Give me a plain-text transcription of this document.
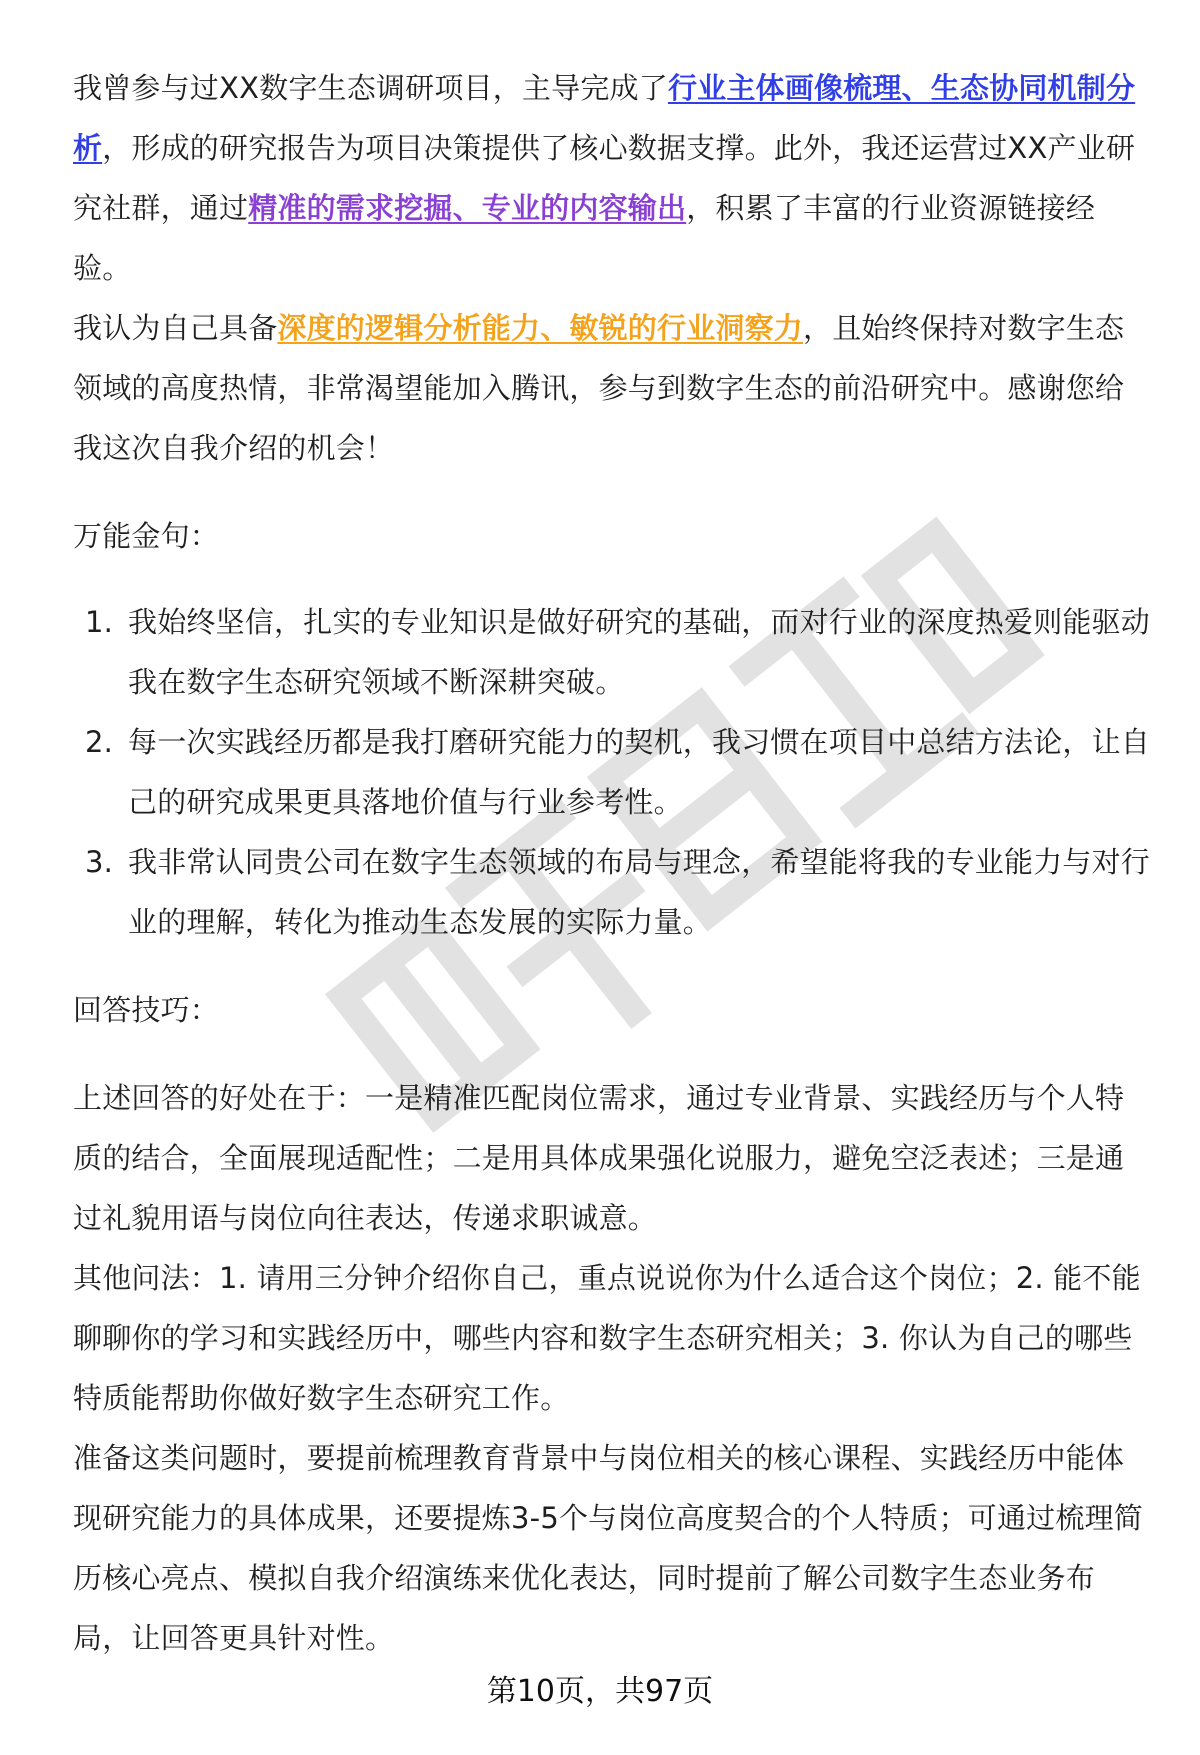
我曾参与过XX数字生态调研项目，主导完成了行业主体画像梳理、生态协同机制分析，形成的研究报告为项目决策提供了核心数据支撑。此外，我还运营过XX产业研究社群，通过精准的需求挖掘、专业的内容输出，积累了丰富的行业资源链接经验。

我认为自己具备深度的逻辑分析能力、敏锐的行业洞察力，且始终保持对数字生态领域的高度热情，非常渴望能加入腾讯，参与到数字生态的前沿研究中。感谢您给我这次自我介绍的机会！

万能金句：

1. 我始终坚信，扎实的专业知识是做好研究的基础，而对行业的深度热爱则能驱动我在数字生态研究领域不断深耕突破。
2. 每一次实践经历都是我打磨研究能力的契机，我习惯在项目中总结方法论，让自己的研究成果更具落地价值与行业参考性。
3. 我非常认同贵公司在数字生态领域的布局与理念，希望能将我的专业能力与对行业的理解，转化为推动生态发展的实际力量。

回答技巧：

上述回答的好处在于：一是精准匹配岗位需求，通过专业背景、实践经历与个人特质的结合，全面展现适配性；二是用具体成果强化说服力，避免空泛表述；三是通过礼貌用语与岗位向往表达，传递求职诚意。

其他问法：1. 请用三分钟介绍你自己，重点说说你为什么适合这个岗位；2. 能不能聊聊你的学习和实践经历中，哪些内容和数字生态研究相关；3. 你认为自己的哪些特质能帮助你做好数字生态研究工作。

准备这类问题时，要提前梳理教育背景中与岗位相关的核心课程、实践经历中能体现研究能力的具体成果，还要提炼3-5个与岗位高度契合的个人特质；可通过梳理简历核心亮点、模拟自我介绍演练来优化表达，同时提前了解公司数字生态业务布局，让回答更具针对性。

第10页，共97页
